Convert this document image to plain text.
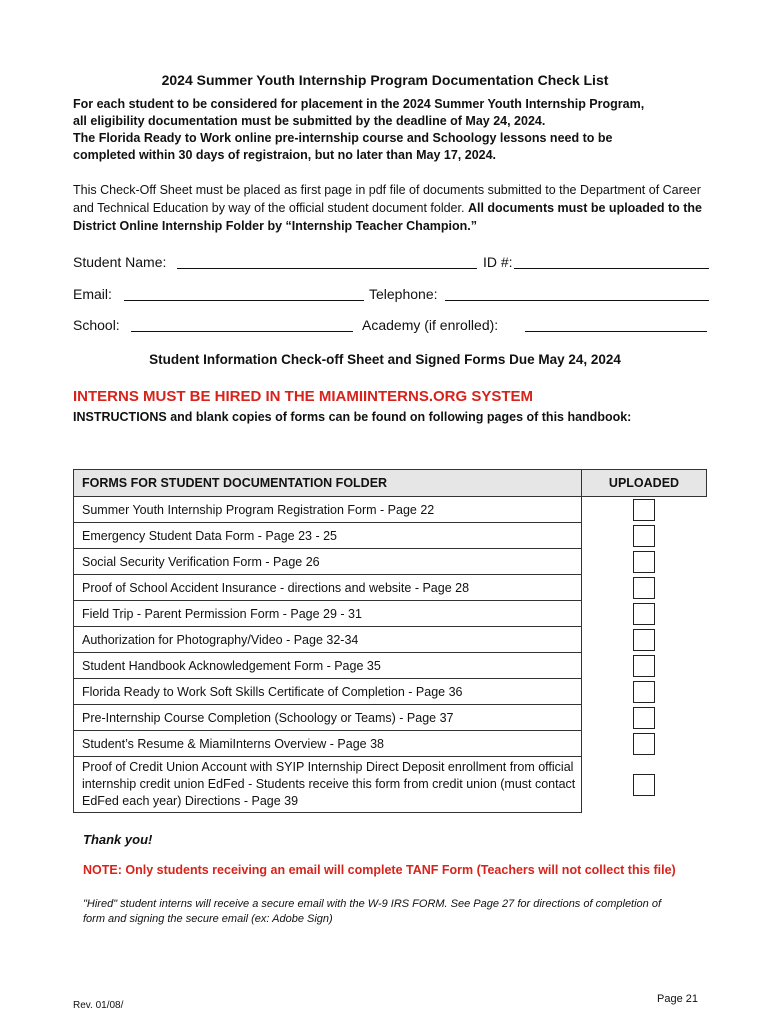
2024 Summer Youth Internship Program Documentation Check List
For each student to be considered for placement in the 2024 Summer Youth Internship Program,
all eligibility documentation must be submitted by the deadline of May 24, 2024.
The Florida Ready to Work online pre-internship course and Schoology lessons need to be
completed within 30 days of registraion, but no later than May 17, 2024.
This Check-Off Sheet must be placed as first page in pdf file of documents submitted to the Department of Career and Technical Education by way of the official student document folder. All documents must be uploaded to the District Online Internship Folder by “Internship Teacher Champion.”
Student Name:	ID #:
Email:	Telephone:
School:	Academy (if enrolled):
Student Information Check-off Sheet and Signed Forms Due May 24, 2024
INTERNS MUST BE HIRED IN THE MIAMIINTERNS.ORG SYSTEM
INSTRUCTIONS and blank copies of forms can be found on following pages of this handbook:
FORMS FOR STUDENT DOCUMENTATION FOLDER	UPLOADED
Summer Youth Internship Program Registration Form - Page 22	
Emergency Student Data Form - Page 23 - 25	
Social Security Verification Form - Page 26	
Proof of School Accident Insurance - directions and website - Page 28	
Field Trip - Parent Permission Form - Page 29 - 31	
Authorization for Photography/Video - Page 32-34	
Student Handbook Acknowledgement Form - Page 35	
Florida Ready to Work Soft Skills Certificate of Completion - Page 36	
Pre-Internship Course Completion (Schoology or Teams) - Page 37	
Student’s Resume & MiamiInterns Overview - Page 38	
Proof of Credit Union Account with SYIP Internship Direct Deposit enrollment from official internship credit union EdFed - Students receive this form from credit union (must contact EdFed each year) Directions - Page 39	
Thank you!
NOTE: Only students receiving an email will complete TANF Form (Teachers will not collect this file)
"Hired" student interns will receive a secure email with the W-9 IRS FORM. See Page 27 for directions of completion of form and signing the secure email (ex: Adobe Sign)
Rev. 01/08/
Page 21
